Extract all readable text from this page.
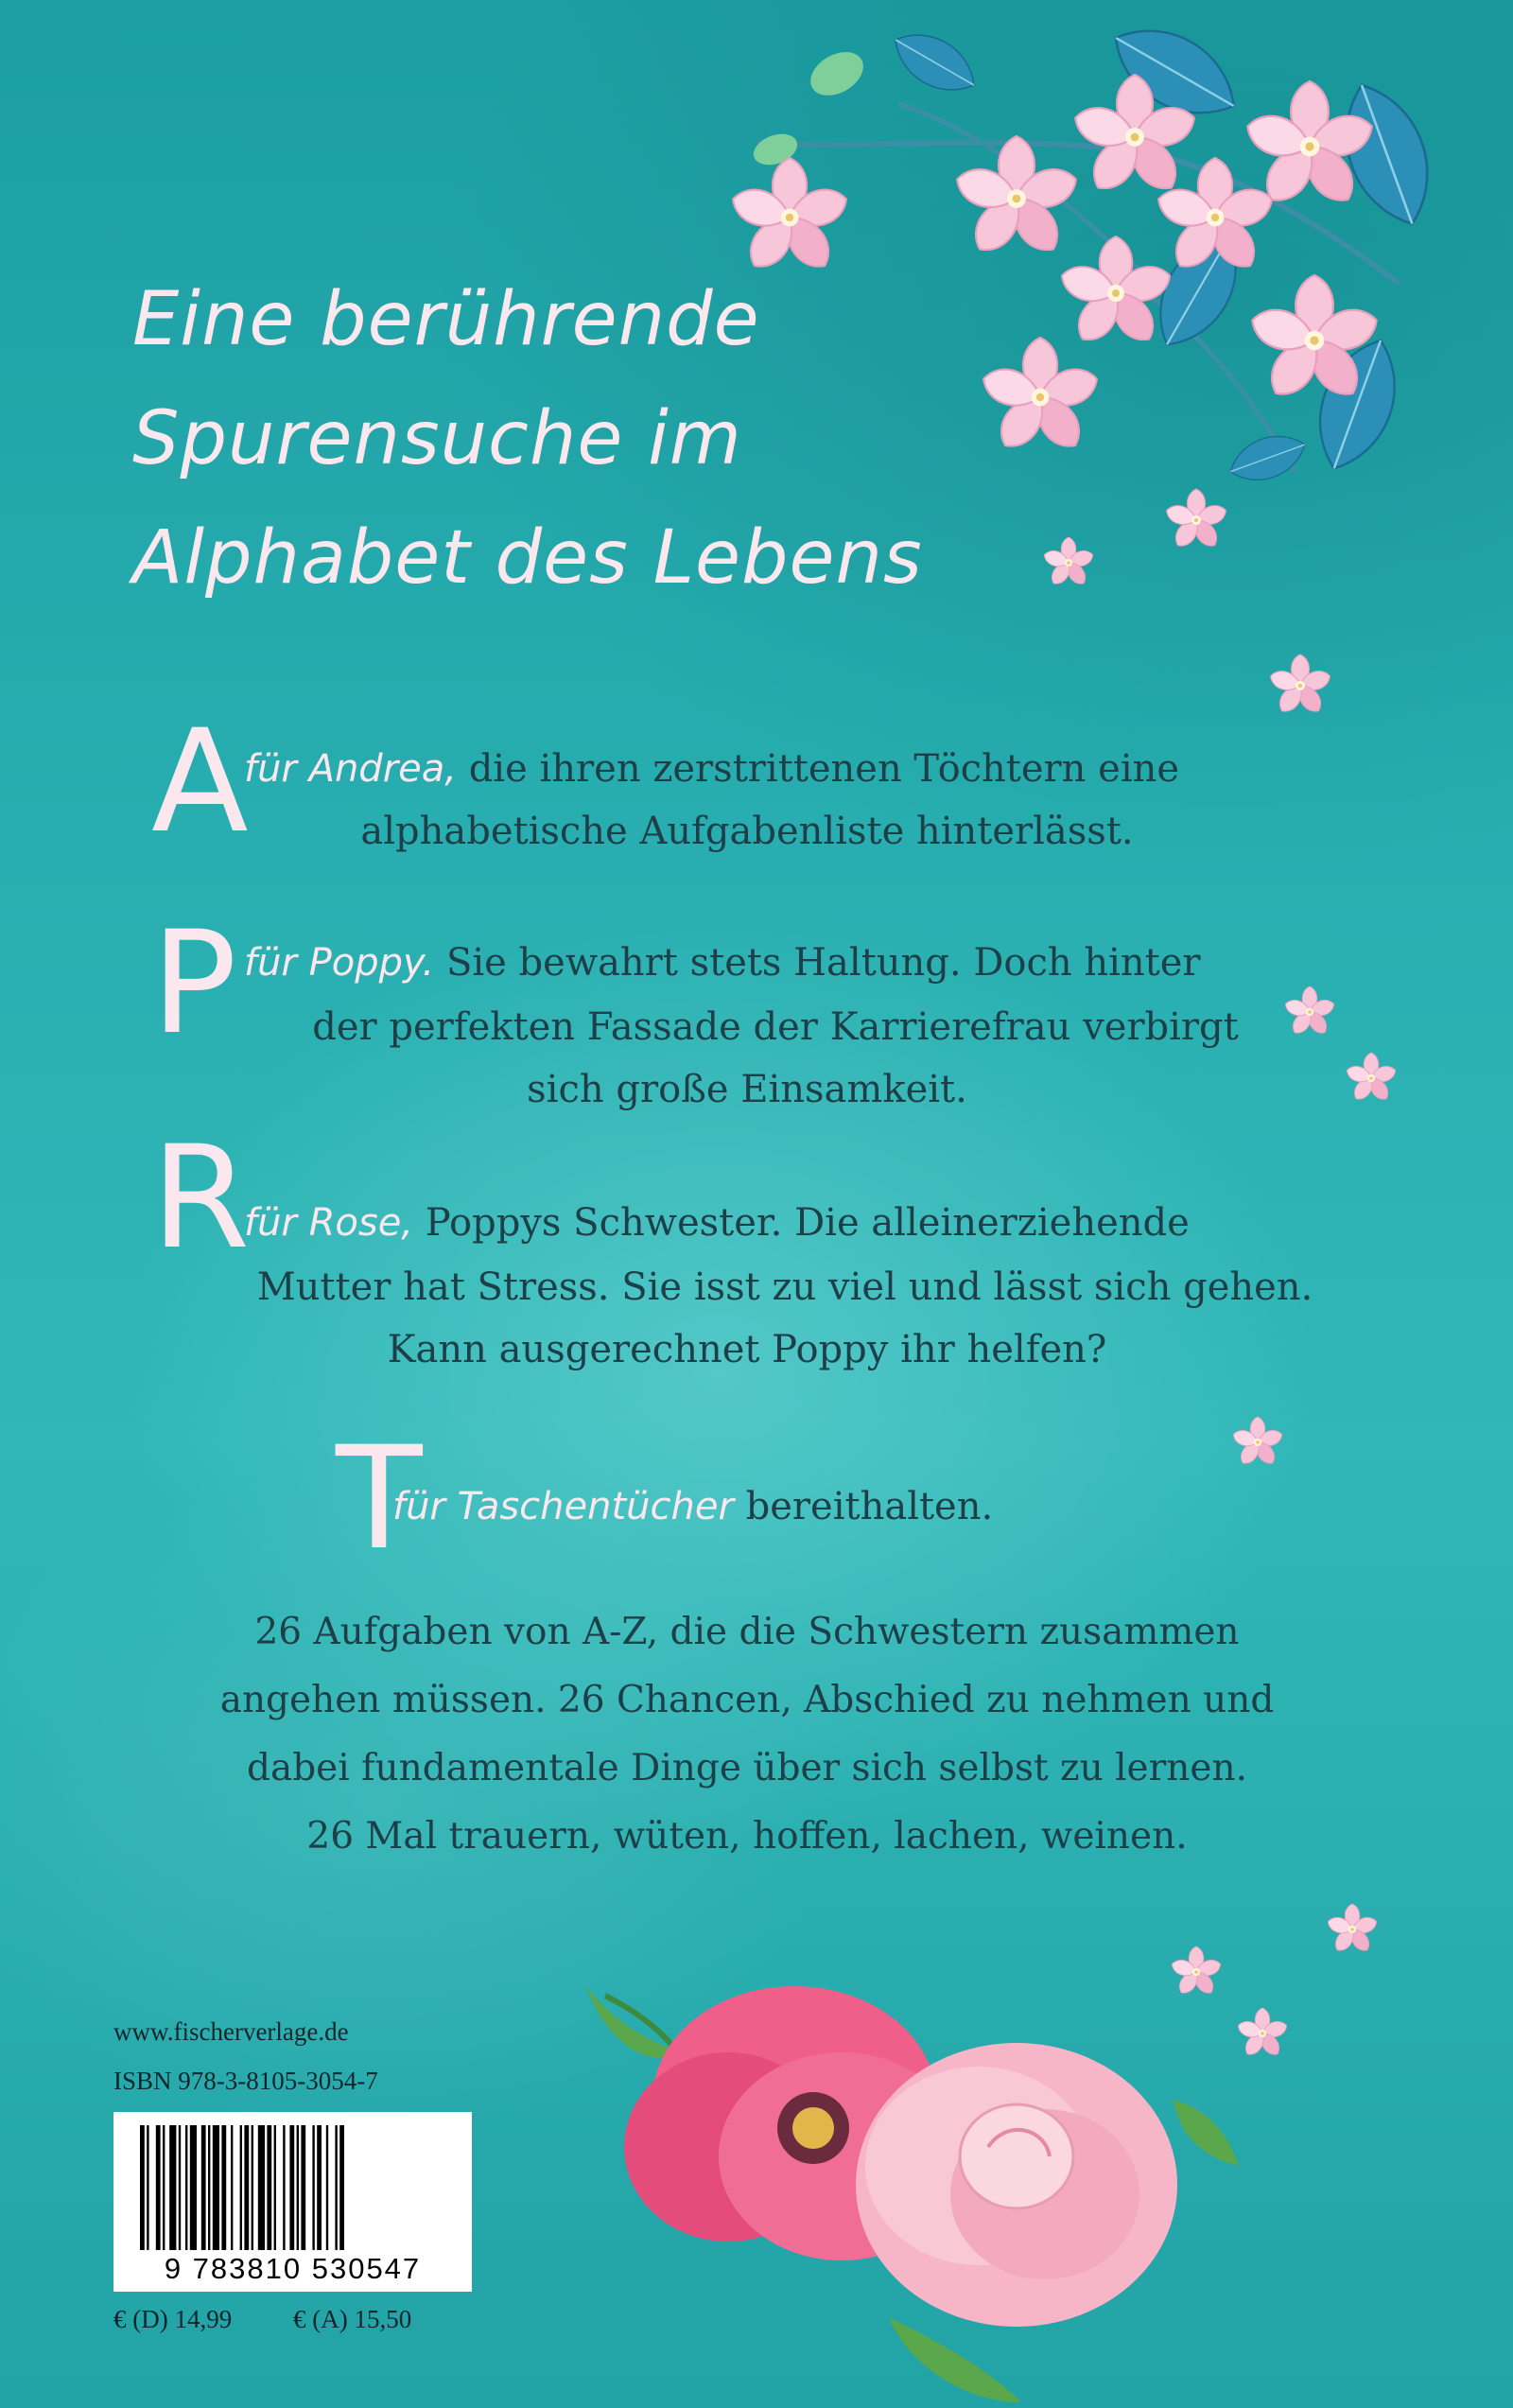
Eine berührende
Spurensuche im
Alphabet des Lebens
A
für Andrea, die ihren zerstrittenen Töchtern eine
alphabetische Aufgabenliste hinterlässt.
P für Poppy. Sie bewahrt stets Haltung. Doch hinter
der perfekten Fassade der Karrierefrau verbirgt
sich große Einsamkeit.
R
für Rose, Poppys Schwester. Die alleinerziehende
Mutter hat Stress. Sie isst zu viel und lässt sich gehen.
Kann ausgerechnet Poppy ihr helfen?
T
für Taschentücher bereithalten.
26 Aufgaben von A-Z, die die Schwestern zusammen
angehen müssen. 26 Chancen, Abschied zu nehmen und
dabei fundamentale Dinge über sich selbst zu lernen.
26 Mal trauern, wüten, hoffen, lachen, weinen.
www.fischerverlage.de
ISBN 978-3-8105-3054-7
9 783810 530547
€ (D) 14,99 € (A) 15,50
